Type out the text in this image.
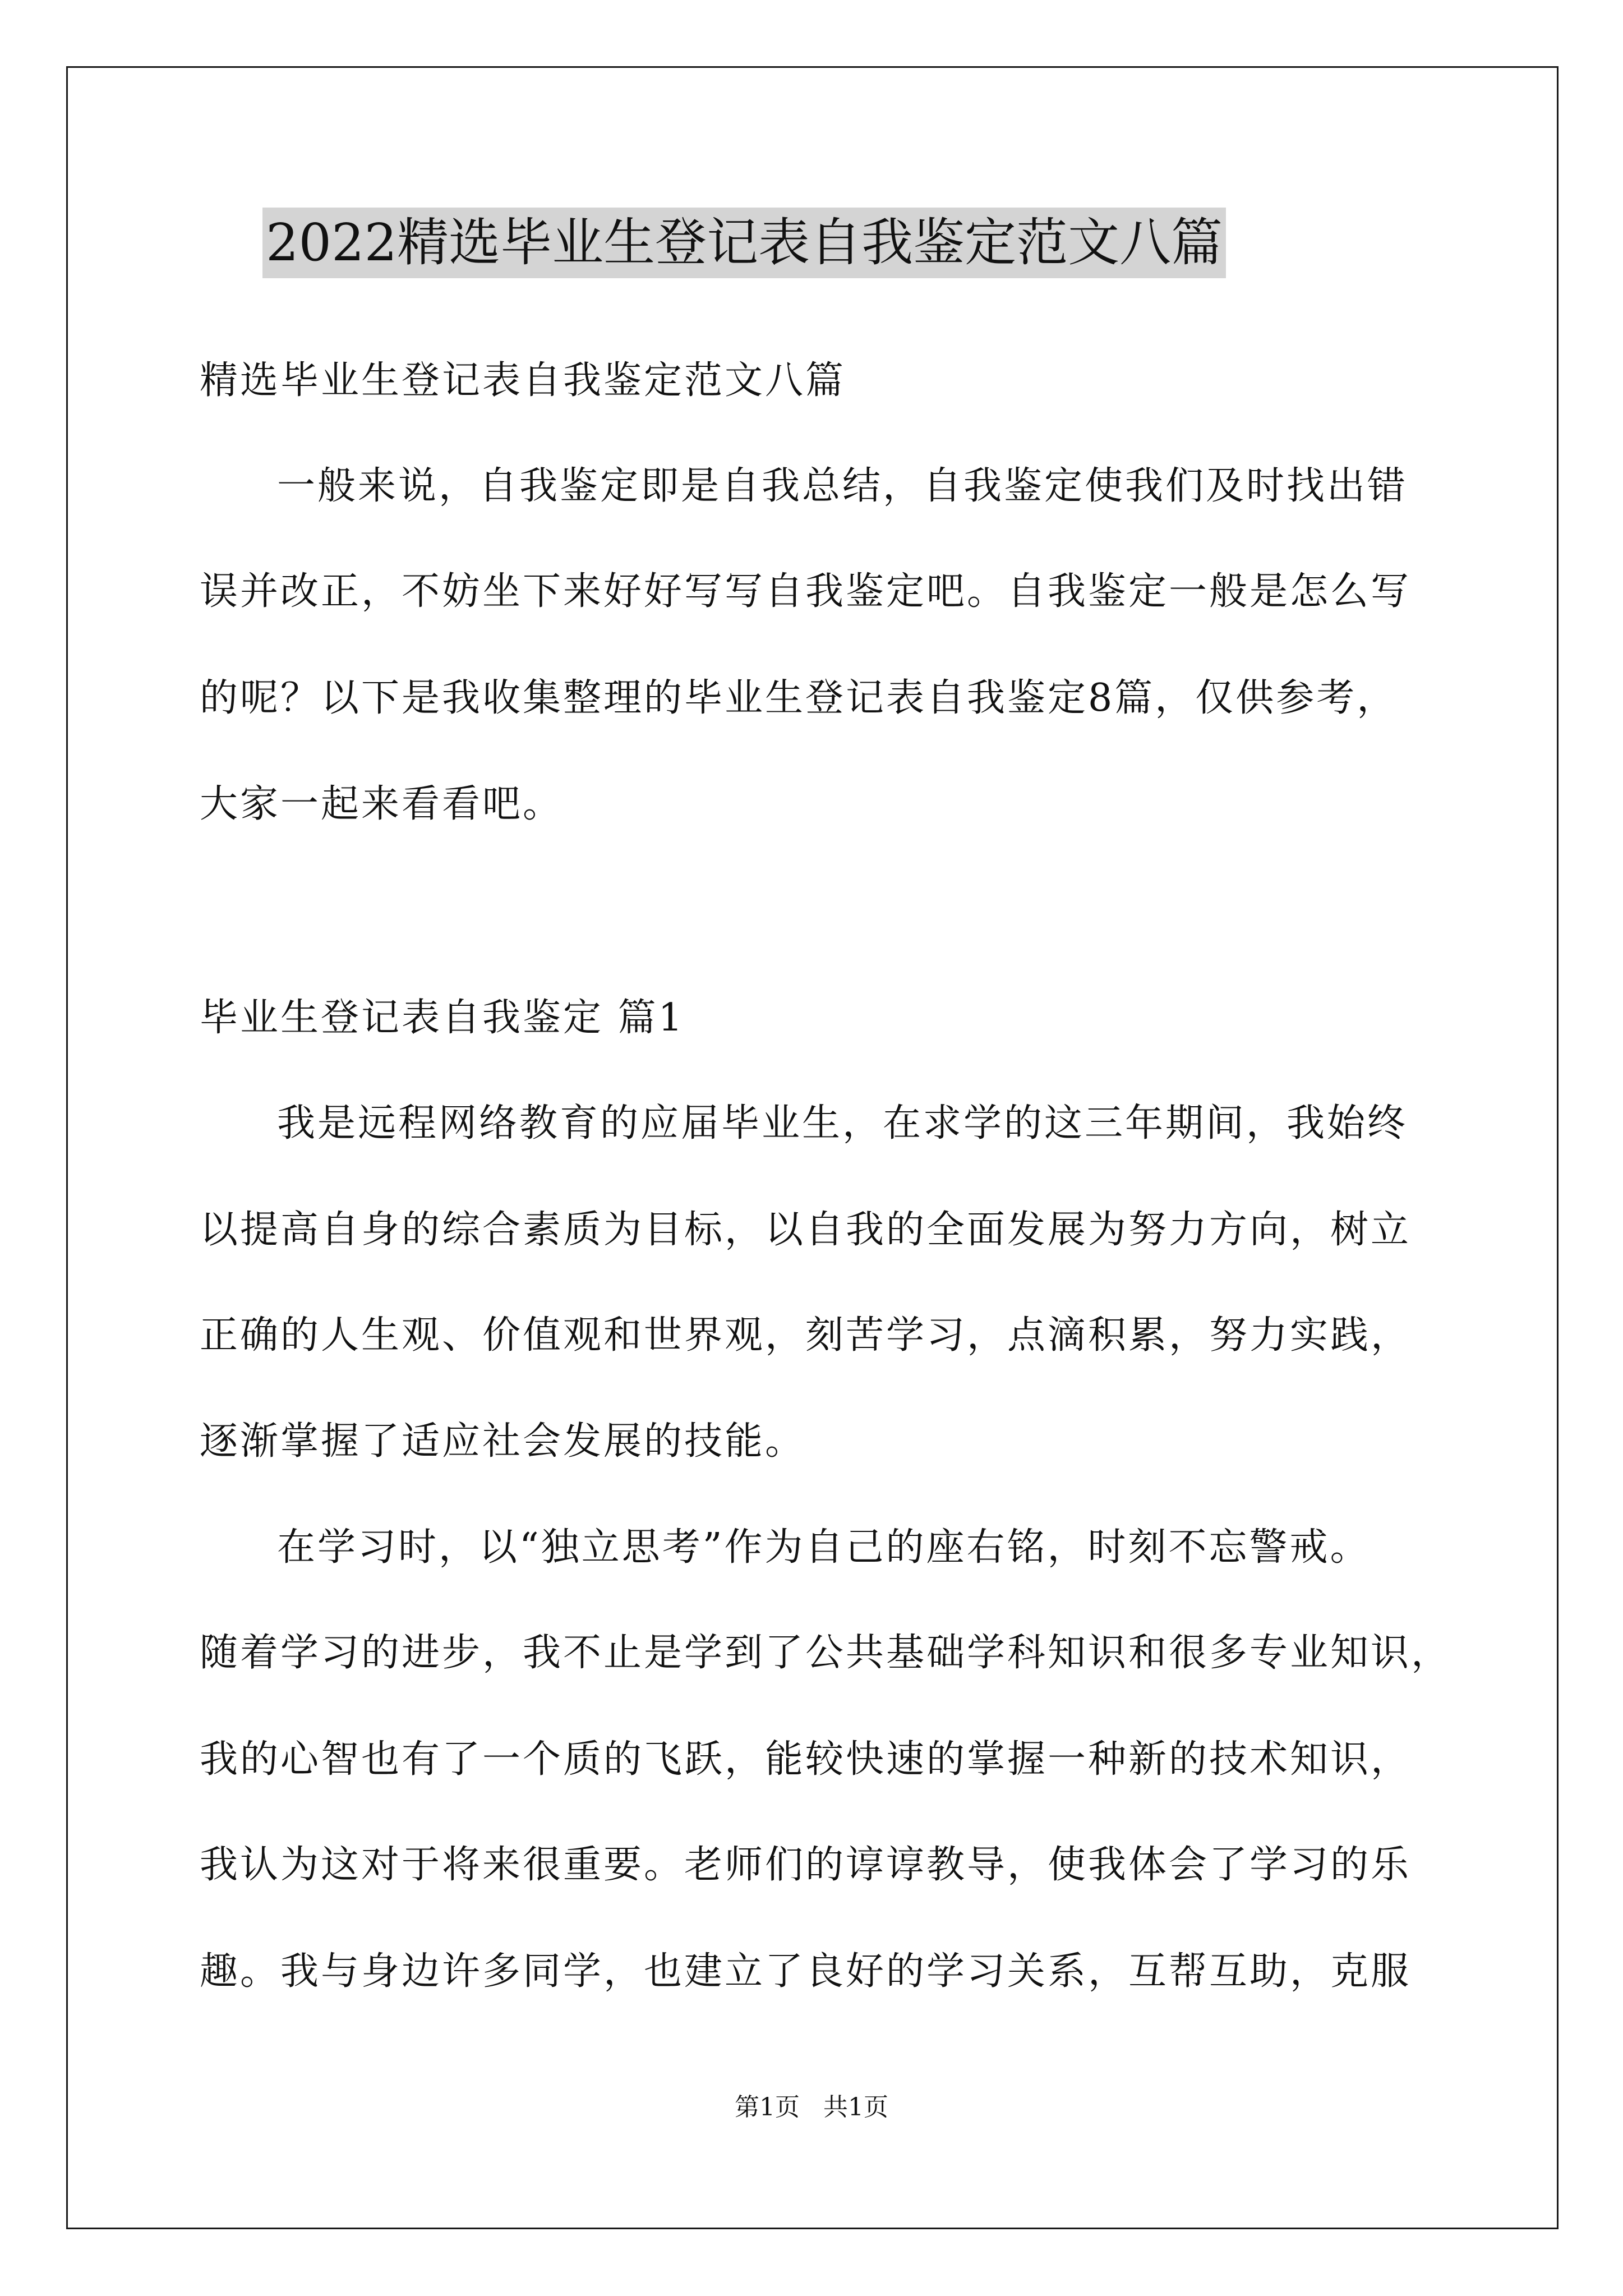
2022精选毕业生登记表自我鉴定范文八篇

精选毕业生登记表自我鉴定范文八篇

一般来说，自我鉴定即是自我总结，自我鉴定使我们及时找出错

误并改正，不妨坐下来好好写写自我鉴定吧。自我鉴定一般是怎么写

的呢？以下是我收集整理的毕业生登记表自我鉴定8篇，仅供参考，

大家一起来看看吧。

毕业生登记表自我鉴定 篇1

我是远程网络教育的应届毕业生，在求学的这三年期间，我始终

以提高自身的综合素质为目标，以自我的全面发展为努力方向，树立

正确的人生观、价值观和世界观，刻苦学习，点滴积累，努力实践，

逐渐掌握了适应社会发展的技能。

在学习时，以“独立思考”作为自己的座右铭，时刻不忘警戒。

随着学习的进步，我不止是学到了公共基础学科知识和很多专业知识，

我的心智也有了一个质的飞跃，能较快速的掌握一种新的技术知识，

我认为这对于将来很重要。老师们的谆谆教导，使我体会了学习的乐

趣。我与身边许多同学，也建立了良好的学习关系，互帮互助，克服

第1页 共1页
